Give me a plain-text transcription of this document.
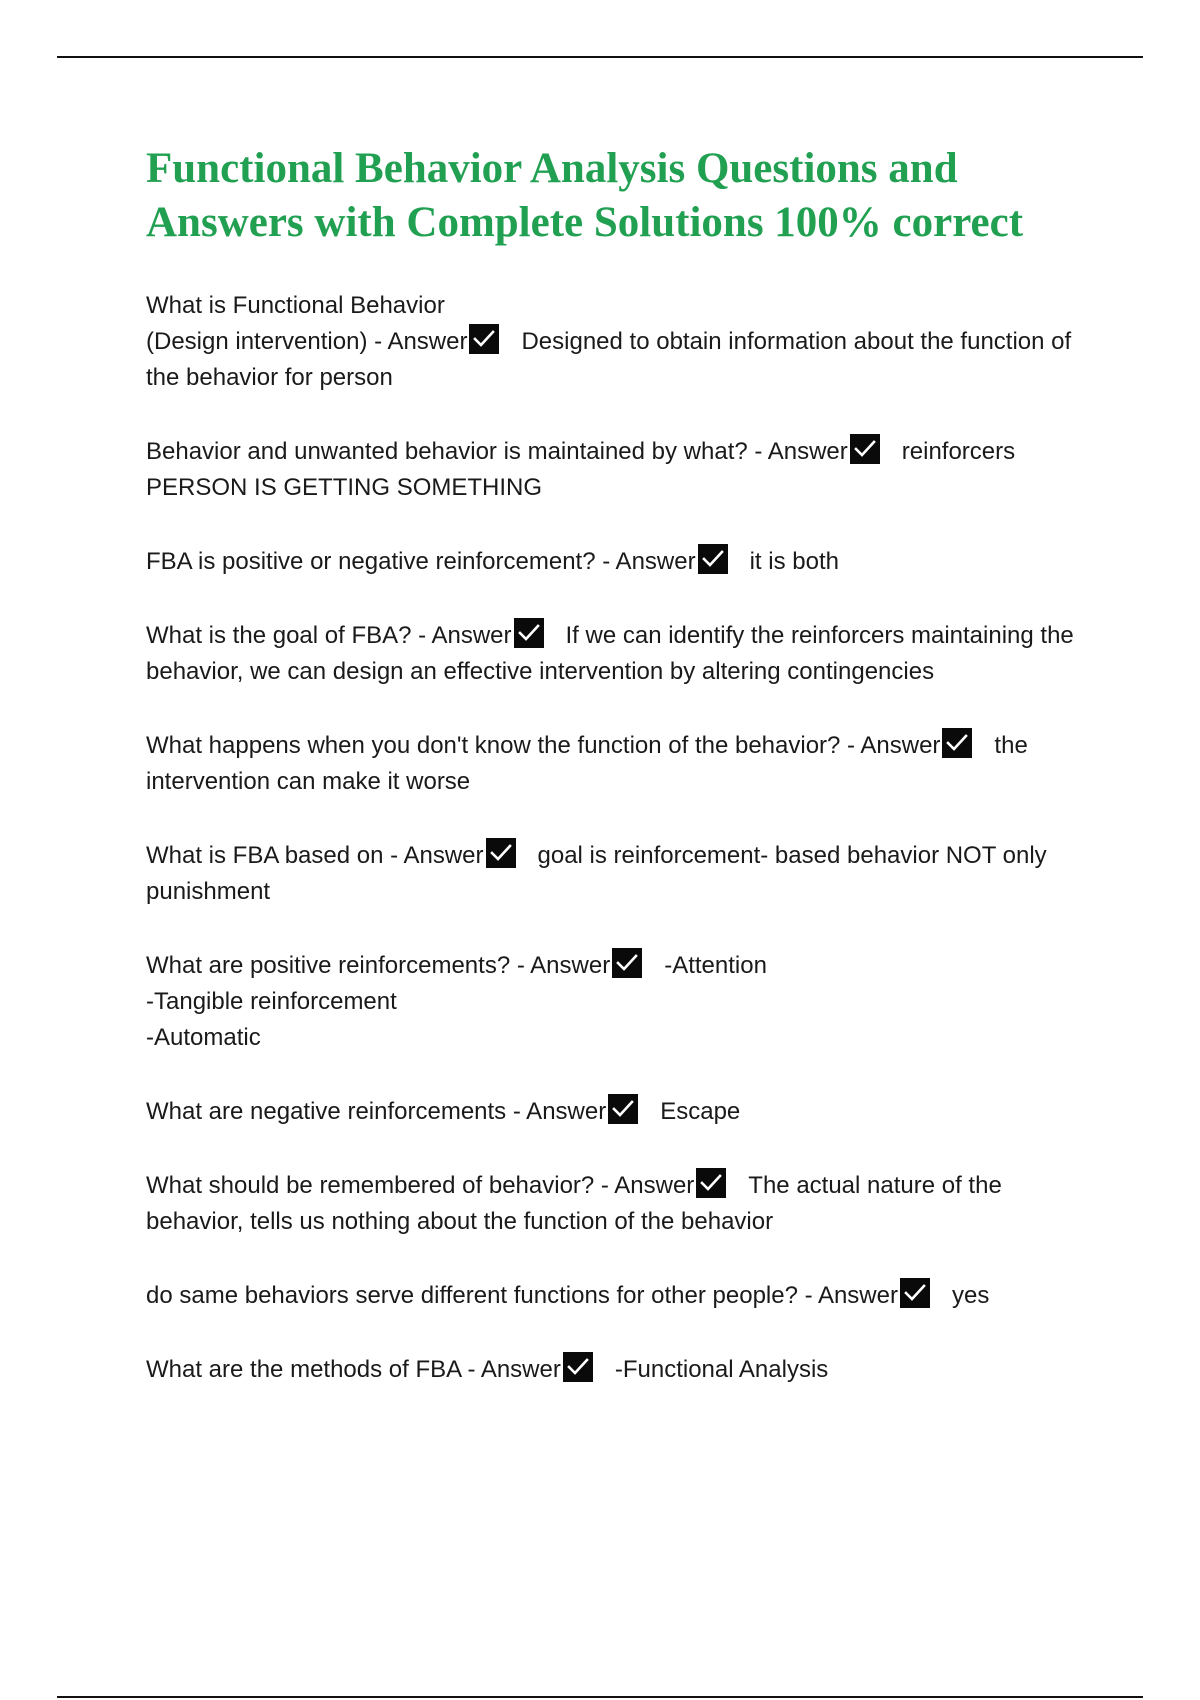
Functional Behavior Analysis Questions and Answers with Complete Solutions 100% correct
What is Functional Behavior
(Design intervention) - Answer Designed to obtain information about the function of the behavior for person
Behavior and unwanted behavior is maintained by what? - Answer reinforcers PERSON IS GETTING SOMETHING
FBA is positive or negative reinforcement? - Answer it is both
What is the goal of FBA? - Answer If we can identify the reinforcers maintaining the behavior, we can design an effective intervention by altering contingencies
What happens when you don't know the function of the behavior? - Answer the intervention can make it worse
What is FBA based on - Answer goal is reinforcement- based behavior NOT only punishment
What are positive reinforcements? - Answer -Attention
-Tangible reinforcement
-Automatic
What are negative reinforcements - Answer Escape
What should be remembered of behavior? - Answer The actual nature of the behavior, tells us nothing about the function of the behavior
do same behaviors serve different functions for other people? - Answer yes
What are the methods of FBA - Answer -Functional Analysis
